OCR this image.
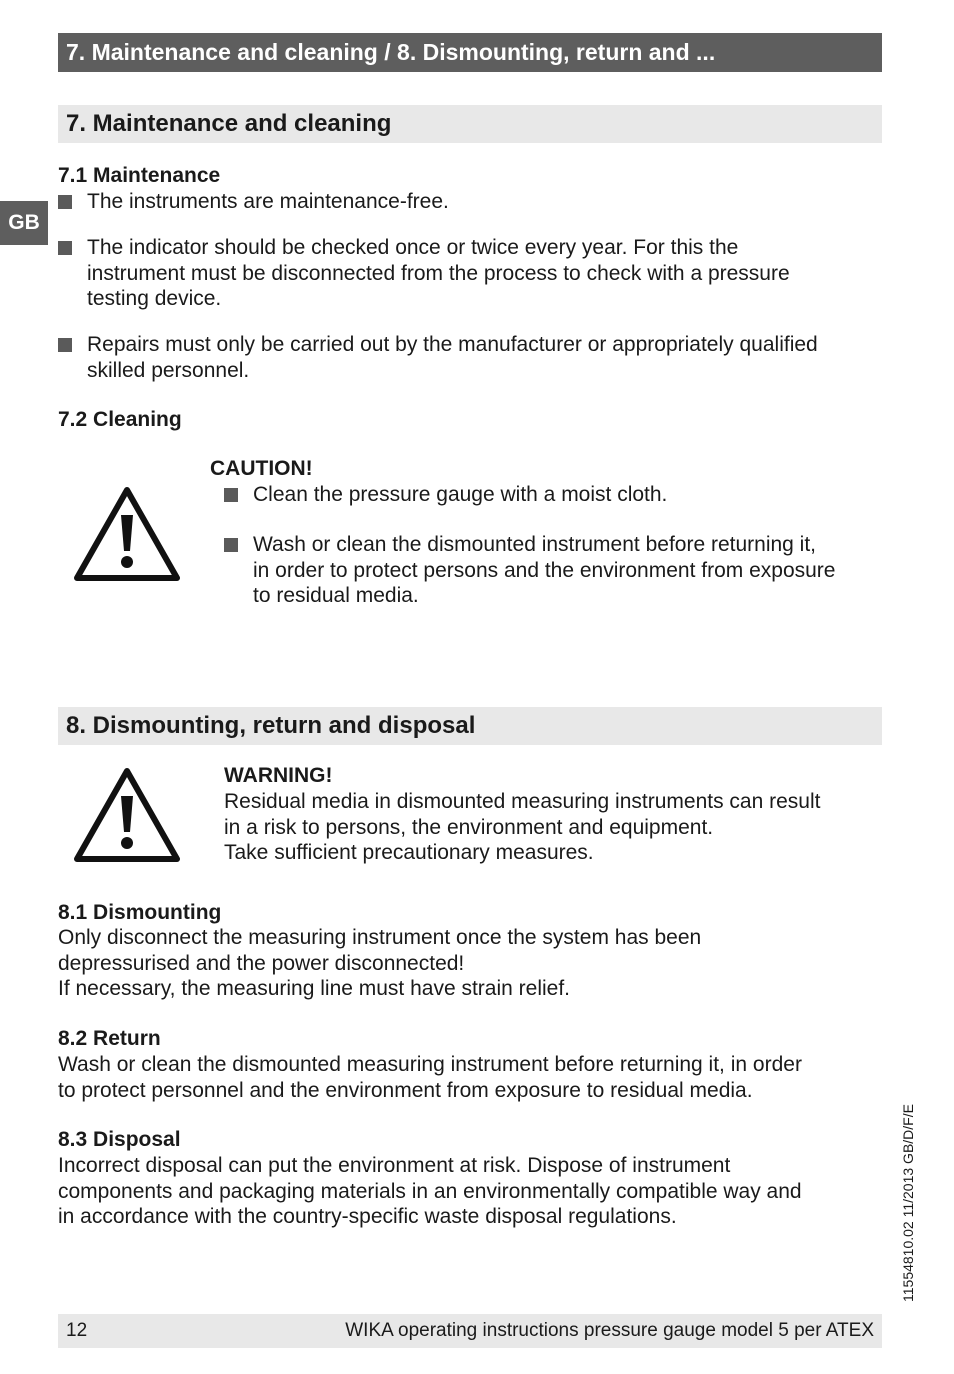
7. Maintenance and cleaning / 8. Dismounting, return and ...
GB
7. Maintenance and cleaning
7.1 Maintenance
The instruments are maintenance-free.
The indicator should be checked once or twice every year. For this the
instrument must be disconnected from the process to check with a pressure
testing device.
Repairs must only be carried out by the manufacturer or appropriately qualified
skilled personnel.
7.2 Cleaning
CAUTION!
Clean the pressure gauge with a moist cloth.
Wash or clean the dismounted instrument before returning it,
in order to protect persons and the environment from exposure
to residual media.
8. Dismounting, return and disposal
WARNING!
Residual media in dismounted measuring instruments can result
in a risk to persons, the environment and equipment.
Take sufficient precautionary measures.
8.1 Dismounting
Only disconnect the measuring instrument once the system has been
depressurised and the power disconnected!
If necessary, the measuring line must have strain relief.
8.2 Return
Wash or clean the dismounted measuring instrument before returning it, in order
to protect personnel and the environment from exposure to residual media.
8.3 Disposal
Incorrect disposal can put the environment at risk. Dispose of instrument
components and packaging materials in an environmentally compatible way and
in accordance with the country-specific waste disposal regulations.	11554810.02 11/2013 GB/D/F/E
12	WIKA operating instructions pressure gauge model 5 per ATEX
